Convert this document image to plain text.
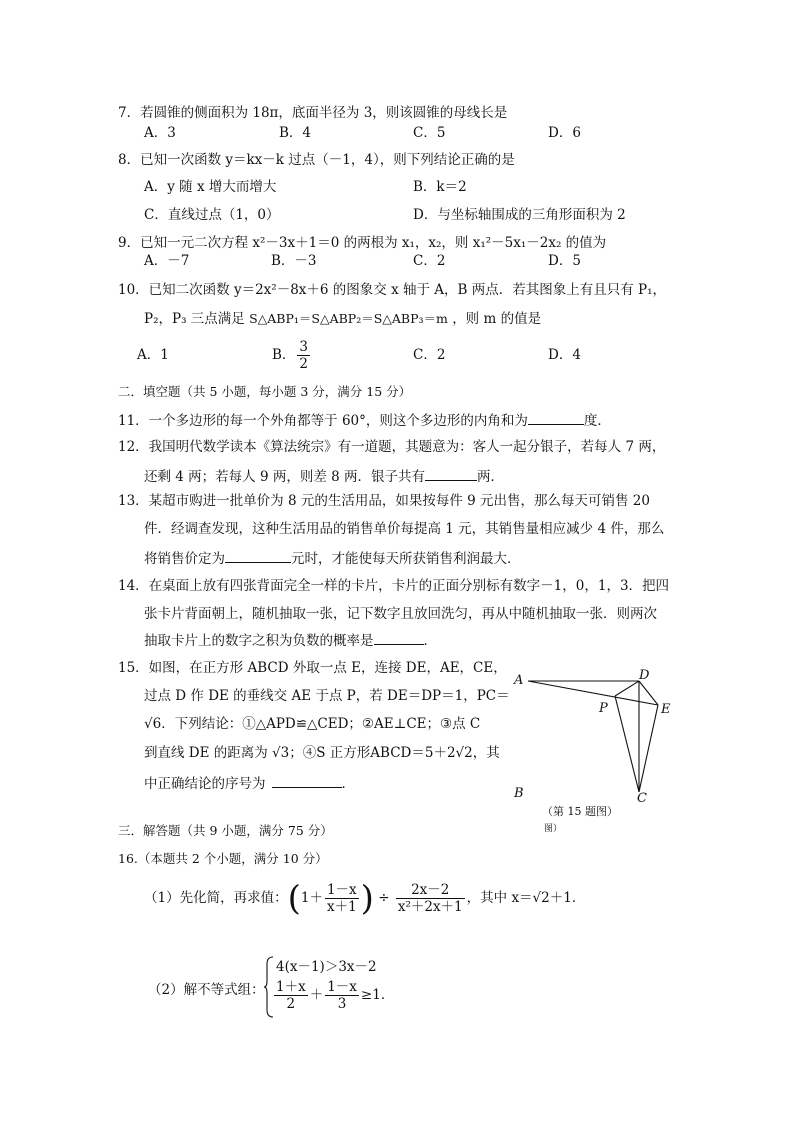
7．若圆锥的侧面积为 18π，底面半径为 3，则该圆锥的母线长是
A．3	B．4	C．5	D．6
8．已知一次函数 y＝kx－k 过点（－1，4），则下列结论正确的是
A．y 随 x 增大而增大	B．k＝2
C．直线过点（1，0）	D．与坐标轴围成的三角形面积为 2
9．已知一元二次方程 x²－3x＋1＝0 的两根为 x₁，x₂，则 x₁²－5x₁－2x₂ 的值为
A．－7	B．－3	C．2	D．5
10．已知二次函数 y＝2x²－8x＋6 的图象交 x 轴于 A，B 两点．若其图象上有且只有 P₁，
P₂，P₃ 三点满足 S△ABP₁＝S△ABP₂＝S△ABP₃＝m ，则 m 的值是
A．1	B． $\frac{3}{2}$	C．2	D．4
二．填空题（共 5 小题，每小题 3 分，满分 15 分）
11．一个多边形的每一个外角都等于 60°，则这个多边形的内角和为	度．
12．我国明代数学读本《算法统宗》有一道题，其题意为：客人一起分银子，若每人 7 两，
还剩 4 两；若每人 9 两，则差 8 两．银子共有	两．
13．某超市购进一批单价为 8 元的生活用品，如果按每件 9 元出售，那么每天可销售 20
件．经调查发现，这种生活用品的销售单价每提高 1 元，其销售量相应减少 4 件，那么
将销售价定为	元时，才能使每天所获销售利润最大．
14．在桌面上放有四张背面完全一样的卡片，卡片的正面分别标有数字－1，0，1，3．把四
张卡片背面朝上，随机抽取一张，记下数字且放回洗匀，再从中随机抽取一张．则两次
抽取卡片上的数字之积为负数的概率是	．
15．如图，在正方形 ABCD 外取一点 E，连接 DE，AE，CE，
过点 D 作 DE 的垂线交 AE 于点 P，若 DE＝DP＝1，PC＝
√6．下列结论：①△APD≌△CED；②AE⊥CE；③点 C
到直线 DE 的距离为 √3；④S 正方形ABCD＝5＋2√2，其
中正确结论的序号为	．
A	D
P	E
B	C
（第 15 题图）
图）
三．解答题（共 9 小题，满分 75 分）
16.（本题共 2 个小题，满分 10 分）
（1）先化简，再求值：($1+ \frac{1-x}{x+1}$ ) ÷ $\frac{2x-2}{\text{x²＋2x＋1}}$ ，其中 x＝√2＋1．
（2）解不等式组：
4(x－1)＞3x－2
$\frac{1+x}{2} + \frac{1-x}{3} \ge 1$．
